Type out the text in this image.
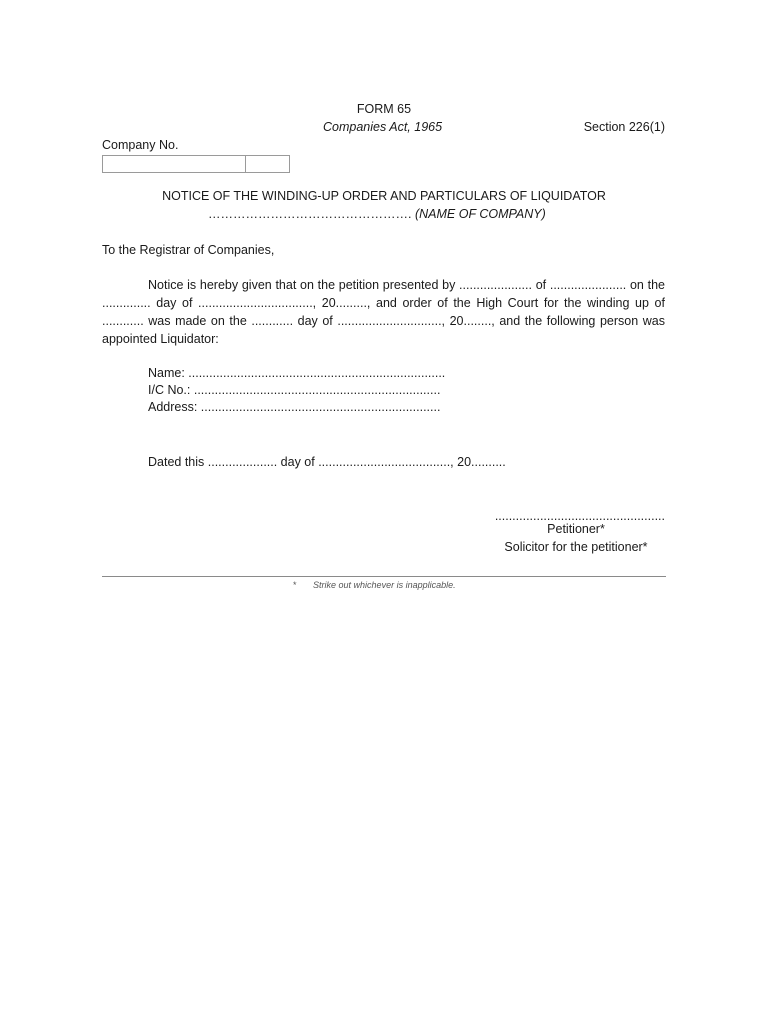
FORM 65
Companies Act, 1965	Section 226(1)
Company No.
NOTICE OF THE WINDING-UP ORDER AND PARTICULARS OF LIQUIDATOR
…………………………………………. (NAME OF COMPANY)
To the Registrar of Companies,
Notice is hereby given that on the petition presented by ..................... of ...................... on the .............. day of ................................., 20........., and order of the High Court for the winding up of ............ was made on the ............ day of .............................., 20........, and the following person was appointed Liquidator:
Name: ..........................................................................
I/C No.: .......................................................................
Address: .....................................................................
Dated this .................... day of ......................................, 20..........
.................................................
Petitioner*
Solicitor for the petitioner*
* Strike out whichever is inapplicable.
